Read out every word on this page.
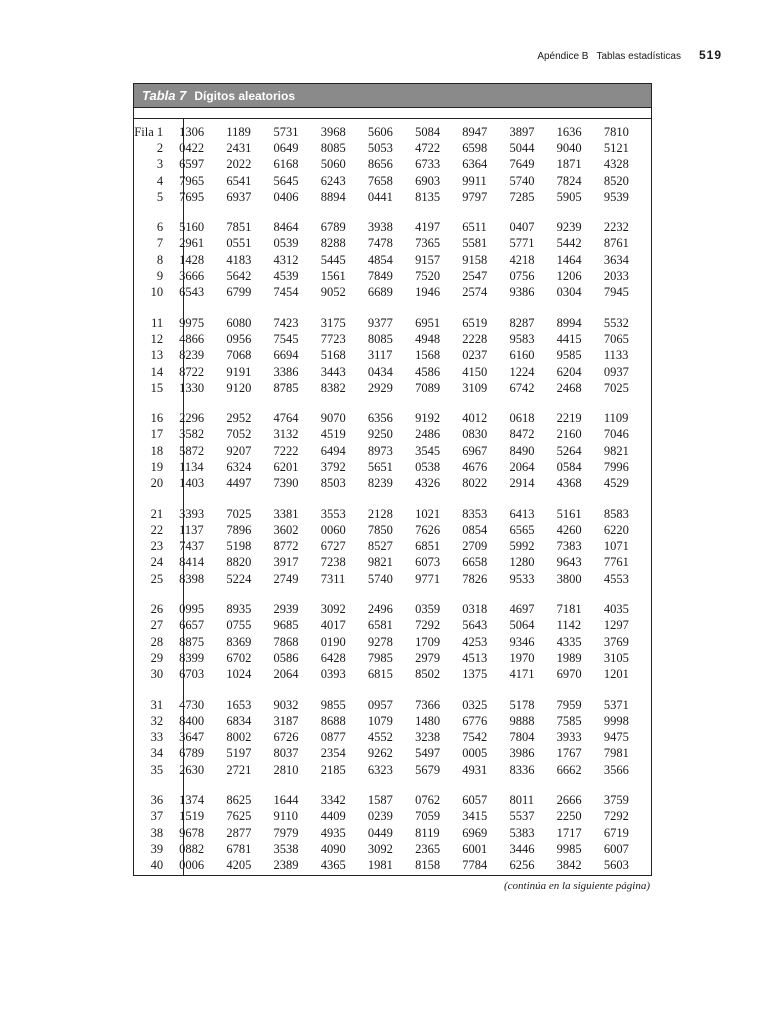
Apéndice B Tablas estadísticas 519
Tabla 7 Dígitos aleatorios
Fila 1	1306	1189	5731	3968	5606	5084	8947	3897	1636	7810
2	0422	2431	0649	8085	5053	4722	6598	5044	9040	5121
3	6597	2022	6168	5060	8656	6733	6364	7649	1871	4328
4	7965	6541	5645	6243	7658	6903	9911	5740	7824	8520
5	7695	6937	0406	8894	0441	8135	9797	7285	5905	9539
6	5160	7851	8464	6789	3938	4197	6511	0407	9239	2232
7	2961	0551	0539	8288	7478	7365	5581	5771	5442	8761
8	1428	4183	4312	5445	4854	9157	9158	4218	1464	3634
9	3666	5642	4539	1561	7849	7520	2547	0756	1206	2033
10	6543	6799	7454	9052	6689	1946	2574	9386	0304	7945
11	9975	6080	7423	3175	9377	6951	6519	8287	8994	5532
12	4866	0956	7545	7723	8085	4948	2228	9583	4415	7065
13	8239	7068	6694	5168	3117	1568	0237	6160	9585	1133
14	8722	9191	3386	3443	0434	4586	4150	1224	6204	0937
15	1330	9120	8785	8382	2929	7089	3109	6742	2468	7025
16	2296	2952	4764	9070	6356	9192	4012	0618	2219	1109
17	3582	7052	3132	4519	9250	2486	0830	8472	2160	7046
18	5872	9207	7222	6494	8973	3545	6967	8490	5264	9821
19	1134	6324	6201	3792	5651	0538	4676	2064	0584	7996
20	1403	4497	7390	8503	8239	4326	8022	2914	4368	4529
21	3393	7025	3381	3553	2128	1021	8353	6413	5161	8583
22	1137	7896	3602	0060	7850	7626	0854	6565	4260	6220
23	7437	5198	8772	6727	8527	6851	2709	5992	7383	1071
24	8414	8820	3917	7238	9821	6073	6658	1280	9643	7761
25	8398	5224	2749	7311	5740	9771	7826	9533	3800	4553
26	0995	8935	2939	3092	2496	0359	0318	4697	7181	4035
27	6657	0755	9685	4017	6581	7292	5643	5064	1142	1297
28	8875	8369	7868	0190	9278	1709	4253	9346	4335	3769
29	8399	6702	0586	6428	7985	2979	4513	1970	1989	3105
30	6703	1024	2064	0393	6815	8502	1375	4171	6970	1201
31	4730	1653	9032	9855	0957	7366	0325	5178	7959	5371
32	8400	6834	3187	8688	1079	1480	6776	9888	7585	9998
33	3647	8002	6726	0877	4552	3238	7542	7804	3933	9475
34	6789	5197	8037	2354	9262	5497	0005	3986	1767	7981
35	2630	2721	2810	2185	6323	5679	4931	8336	6662	3566
36	1374	8625	1644	3342	1587	0762	6057	8011	2666	3759
37	1519	7625	9110	4409	0239	7059	3415	5537	2250	7292
38	9678	2877	7979	4935	0449	8119	6969	5383	1717	6719
39	0882	6781	3538	4090	3092	2365	6001	3446	9985	6007
40	0006	4205	2389	4365	1981	8158	7784	6256	3842	5603
(continúa en la siguiente página)
